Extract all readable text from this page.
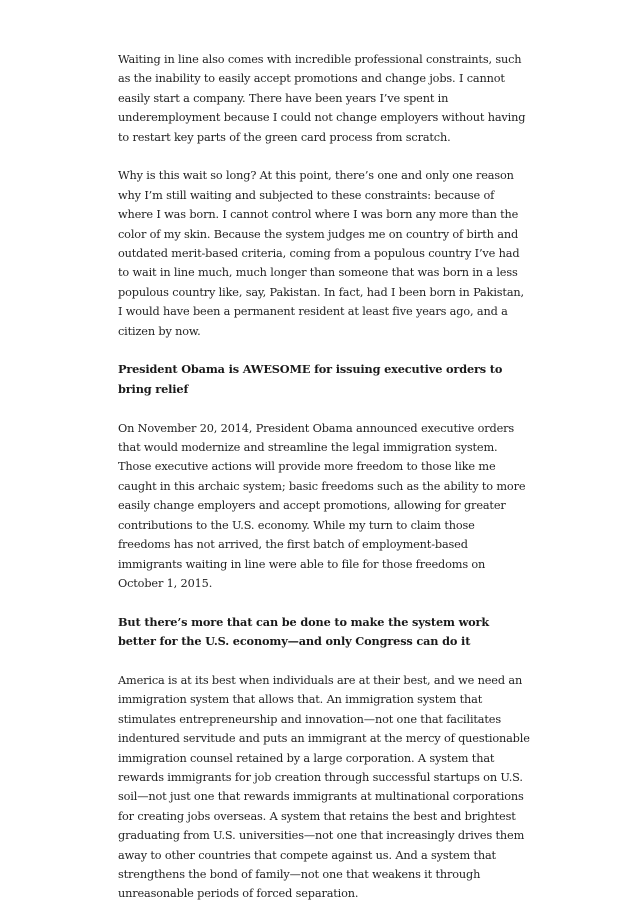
Waiting in line also comes with incredible professional constraints, such as the inability to easily accept promotions and change jobs. I cannot easily start a company. There have been years I’ve spent in underemployment because I could not change employers without having to restart key parts of the green card process from scratch.

Why is this wait so long? At this point, there’s one and only one reason why I’m still waiting and subjected to these constraints: because of where I was born. I cannot control where I was born any more than the color of my skin. Because the system judges me on country of birth and outdated merit-based criteria, coming from a populous country I’ve had to wait in line much, much longer than someone that was born in a less populous country like, say, Pakistan. In fact, had I been born in Pakistan, I would have been a permanent resident at least five years ago, and a citizen by now.

President Obama is AWESOME for issuing executive orders to bring relief

On November 20, 2014, President Obama announced executive orders that would modernize and streamline the legal immigration system. Those executive actions will provide more freedom to those like me caught in this archaic system; basic freedoms such as the ability to more easily change employers and accept promotions, allowing for greater contributions to the U.S. economy. While my turn to claim those freedoms has not arrived, the first batch of employment-based immigrants waiting in line were able to file for those freedoms on October 1, 2015.

But there’s more that can be done to make the system work better for the U.S. economy—and only Congress can do it

America is at its best when individuals are at their best, and we need an immigration system that allows that. An immigration system that stimulates entrepreneurship and innovation—not one that facilitates indentured servitude and puts an immigrant at the mercy of questionable immigration counsel retained by a large corporation. A system that rewards immigrants for job creation through successful startups on U.S. soil—not just one that rewards immigrants at multinational corporations for creating jobs overseas. A system that retains the best and brightest graduating from U.S. universities—not one that increasingly drives them away to other countries that compete against us. And a system that strengthens the bond of family—not one that weakens it through unreasonable periods of forced separation.
